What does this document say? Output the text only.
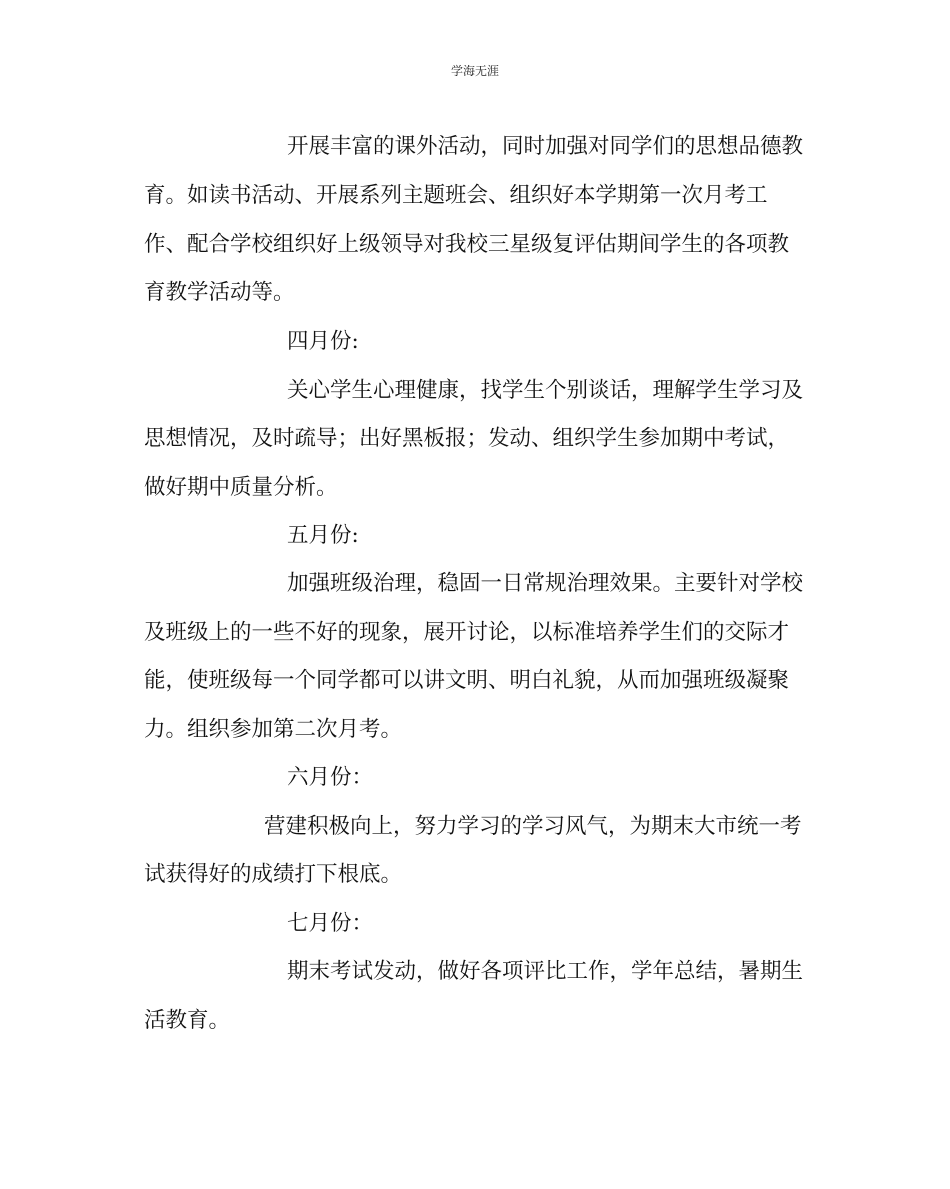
学海无涯
开展丰富的课外活动，同时加强对同学们的思想品德教
育。如读书活动、开展系列主题班会、组织好本学期第一次月考工
作、配合学校组织好上级领导对我校三星级复评估期间学生的各项教
育教学活动等。
四月份:
关心学生心理健康，找学生个别谈话，理解学生学习及
思想情况，及时疏导；出好黑板报；发动、组织学生参加期中考试，
做好期中质量分析。
五月份:
加强班级治理，稳固一日常规治理效果。主要针对学校
及班级上的一些不好的现象，展开讨论，以标准培养学生们的交际才
能，使班级每一个同学都可以讲文明、明白礼貌，从而加强班级凝聚
力。组织参加第二次月考。
六月份：
营建积极向上，努力学习的学习风气，为期末大市统一考
试获得好的成绩打下根底。
七月份：
期末考试发动，做好各项评比工作，学年总结，暑期生
活教育。
